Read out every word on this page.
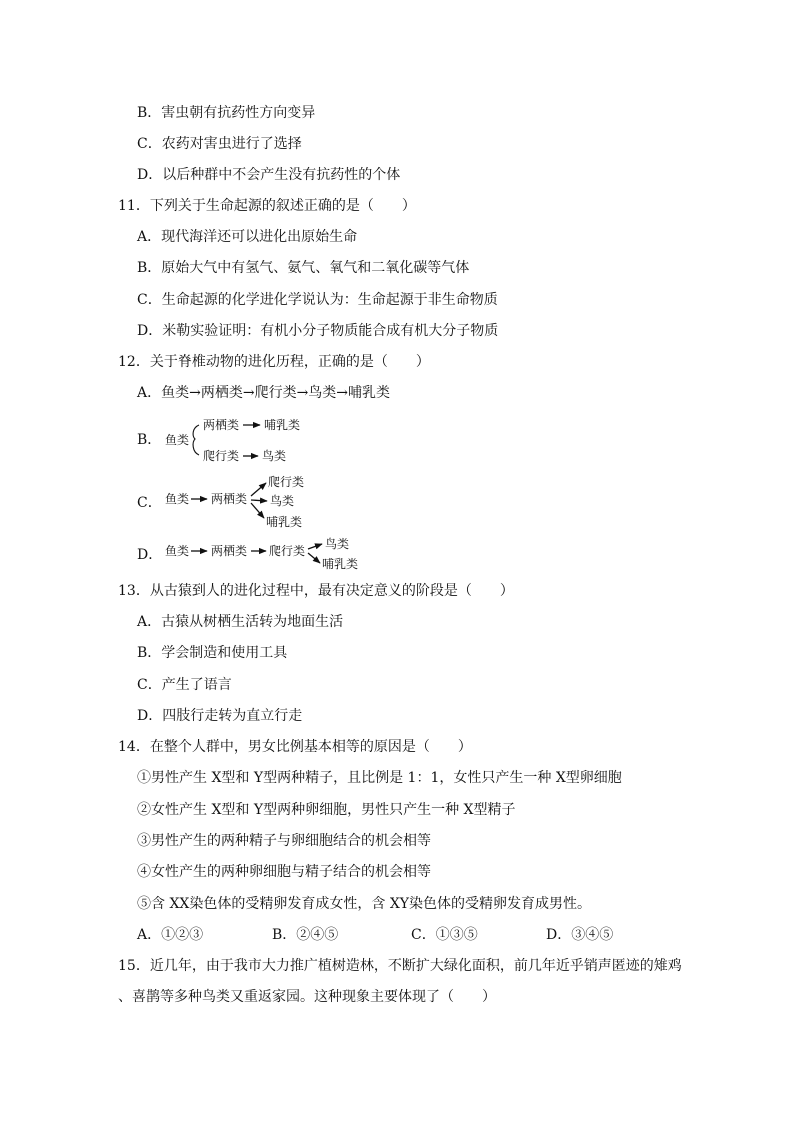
B．害虫朝有抗药性方向变异
C．农药对害虫进行了选择
D．以后种群中不会产生没有抗药性的个体
11．下列关于生命起源的叙述正确的是（　　）
A．现代海洋还可以进化出原始生命
B．原始大气中有氢气、氨气、氧气和二氧化碳等气体
C．生命起源的化学进化学说认为：生命起源于非生命物质
D．米勒实验证明：有机小分子物质能合成有机大分子物质
12．关于脊椎动物的进化历程，正确的是（　　）
A．鱼类→两栖类→爬行类→鸟类→哺乳类
B． 鱼类
两栖类 哺乳类
爬行类 鸟类
C． 鱼类 两栖类
爬行类
鸟类
哺乳类
D． 鱼类 两栖类 爬行类 鸟类
哺乳类
13．从古猿到人的进化过程中，最有决定意义的阶段是（　　）
A．古猿从树栖生活转为地面生活
B．学会制造和使用工具
C．产生了语言
D．四肢行走转为直立行走
14．在整个人群中，男女比例基本相等的原因是（　　）
①男性产生 X型和 Y型两种精子，且比例是 1：1，女性只产生一种 X型卵细胞
②女性产生 X型和 Y型两种卵细胞，男性只产生一种 X型精子
③男性产生的两种精子与卵细胞结合的机会相等
④女性产生的两种卵细胞与精子结合的机会相等
⑤含 XX染色体的受精卵发育成女性，含 XY染色体的受精卵发育成男性。
A．①②③	B．②④⑤	C．①③⑤	D．③④⑤
15．近几年，由于我市大力推广植树造林，不断扩大绿化面积，前几年近乎销声匿迹的雉鸡
、喜鹊等多种鸟类又重返家园。这种现象主要体现了（　　）
